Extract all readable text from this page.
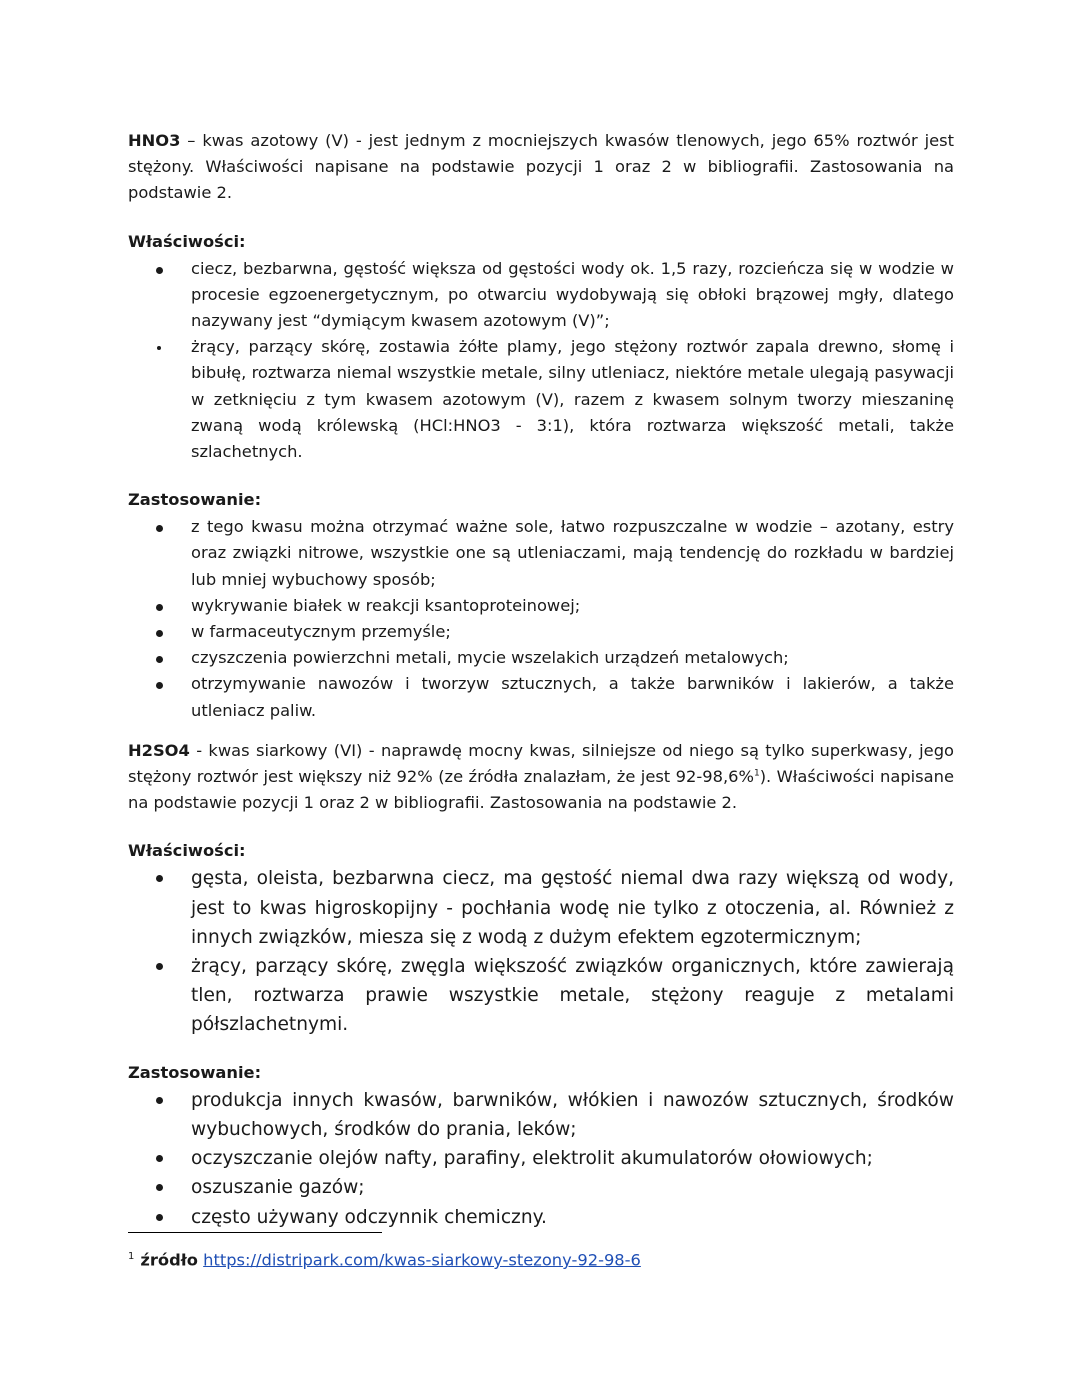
HNO3 – kwas azotowy (V) - jest jednym z mocniejszych kwasów tlenowych, jego 65% roztwór jest stężony. Właściwości napisane na podstawie pozycji 1 oraz 2 w bibliografii. Zastosowania na podstawie 2.

Właściwości:

ciecz, bezbarwna, gęstość większa od gęstości wody ok. 1,5 razy, rozcieńcza się w wodzie w procesie egzoenergetycznym, po otwarciu wydobywają się obłoki brązowej mgły, dlatego nazywany jest “dymiącym kwasem azotowym (V)”;
żrący, parzący skórę, zostawia żółte plamy, jego stężony roztwór zapala drewno, słomę i bibułę, roztwarza niemal wszystkie metale, silny utleniacz, niektóre metale ulegają pasywacji w zetknięciu z tym kwasem azotowym (V), razem z kwasem solnym tworzy mieszaninę zwaną wodą królewską (HCl:HNO3 - 3:1), która roztwarza większość metali, także szlachetnych.

Zastosowanie:

z tego kwasu można otrzymać ważne sole, łatwo rozpuszczalne w wodzie – azotany, estry oraz związki nitrowe, wszystkie one są utleniaczami, mają tendencję do rozkładu w bardziej lub mniej wybuchowy sposób;
wykrywanie białek w reakcji ksantoproteinowej;
w farmaceutycznym przemyśle;
czyszczenia powierzchni metali, mycie wszelakich urządzeń metalowych;
otrzymywanie nawozów i tworzyw sztucznych, a także barwników i lakierów, a także utleniacz paliw.

H2SO4 - kwas siarkowy (VI) - naprawdę mocny kwas, silniejsze od niego są tylko superkwasy, jego stężony roztwór jest większy niż 92% (ze źródła znalazłam, że jest 92-98,6%$^1$). Właściwości napisane na podstawie pozycji 1 oraz 2 w bibliografii. Zastosowania na podstawie 2.

Właściwości:

gęsta, oleista, bezbarwna ciecz, ma gęstość niemal dwa razy większą od wody, jest to kwas higroskopijny - pochłania wodę nie tylko z otoczenia, al. Również z innych związków, miesza się z wodą z dużym efektem egzotermicznym;
żrący, parzący skórę, zwęgla większość związków organicznych, które zawierają tlen, roztwarza prawie wszystkie metale, stężony reaguje z metalami półszlachetnymi.

Zastosowanie:

produkcja innych kwasów, barwników, włókien i nawozów sztucznych, środków wybuchowych, środków do prania, leków;
oczyszczanie olejów nafty, parafiny, elektrolit akumulatorów ołowiowych;
oszuszanie gazów;
często używany odczynnik chemiczny.
$^1$ źródło https://distripark.com/kwas-siarkowy-stezony-92-98-6
